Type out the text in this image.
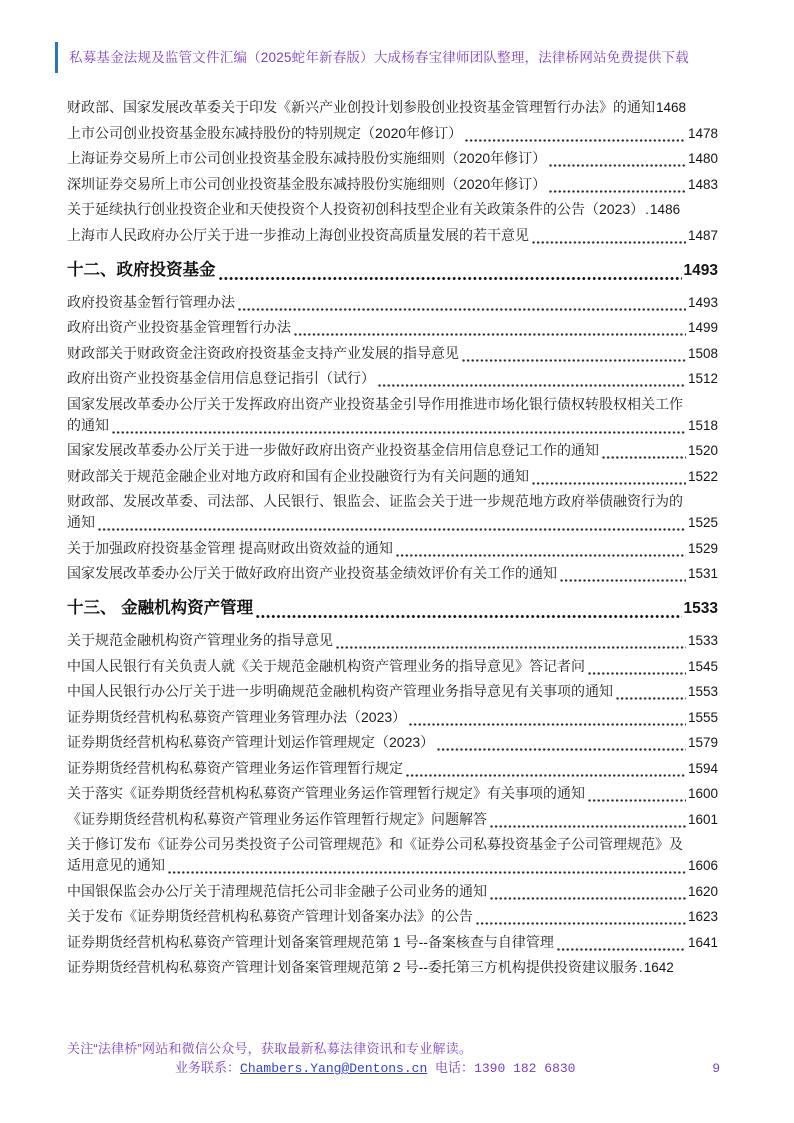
私募基金法规及监管文件汇编（2025蛇年新春版）大成杨春宝律师团队整理，法律桥网站免费提供下载
财政部、国家发展改革委关于印发《新兴产业创投计划参股创业投资基金管理暂行办法》的通知 1468
上市公司创业投资基金股东减持股份的特别规定（2020年修订）	1478
上海证券交易所上市公司创业投资基金股东减持股份实施细则（2020年修订）	1480
深圳证券交易所上市公司创业投资基金股东减持股份实施细则（2020年修订）	1483
关于延续执行创业投资企业和天使投资个人投资初创科技型企业有关政策条件的公告（2023） . 1486
上海市人民政府办公厅关于进一步推动上海创业投资高质量发展的若干意见	1487
十二、政府投资基金	1493
政府投资基金暂行管理办法	1493
政府出资产业投资基金管理暂行办法	1499
财政部关于财政资金注资政府投资基金支持产业发展的指导意见	1508
政府出资产业投资基金信用信息登记指引（试行）	1512
国家发展改革委办公厅关于发挥政府出资产业投资基金引导作用推进市场化银行债权转股权相关工作
的通知	1518
国家发展改革委办公厅关于进一步做好政府出资产业投资基金信用信息登记工作的通知	1520
财政部关于规范金融企业对地方政府和国有企业投融资行为有关问题的通知	1522
财政部、发展改革委、司法部、人民银行、银监会、证监会关于进一步规范地方政府举债融资行为的
通知	1525
关于加强政府投资基金管理 提高财政出资效益的通知	1529
国家发展改革委办公厅关于做好政府出资产业投资基金绩效评价有关工作的通知	1531
十三、 金融机构资产管理	1533
关于规范金融机构资产管理业务的指导意见	1533
中国人民银行有关负责人就《关于规范金融机构资产管理业务的指导意见》答记者问	1545
中国人民银行办公厅关于进一步明确规范金融机构资产管理业务指导意见有关事项的通知	1553
证券期货经营机构私募资产管理业务管理办法（2023）	1555
证券期货经营机构私募资产管理计划运作管理规定（2023）	1579
证券期货经营机构私募资产管理业务运作管理暂行规定	1594
关于落实《证券期货经营机构私募资产管理业务运作管理暂行规定》有关事项的通知	1600
《证券期货经营机构私募资产管理业务运作管理暂行规定》问题解答	1601
关于修订发布《证券公司另类投资子公司管理规范》和《证券公司私募投资基金子公司管理规范》及
适用意见的通知	1606
中国银保监会办公厅关于清理规范信托公司非金融子公司业务的通知	1620
关于发布《证券期货经营机构私募资产管理计划备案办法》的公告	1623
证券期货经营机构私募资产管理计划备案管理规范第 1 号--备案核查与自律管理	1641
证券期货经营机构私募资产管理计划备案管理规范第 2 号--委托第三方机构提供投资建议服务 . 1642
关注“法律桥”网站和微信公众号，获取最新私募法律资讯和专业解读。
业务联系：Chambers.Yang@Dentons.cn 电话：1390 182 6830	9
